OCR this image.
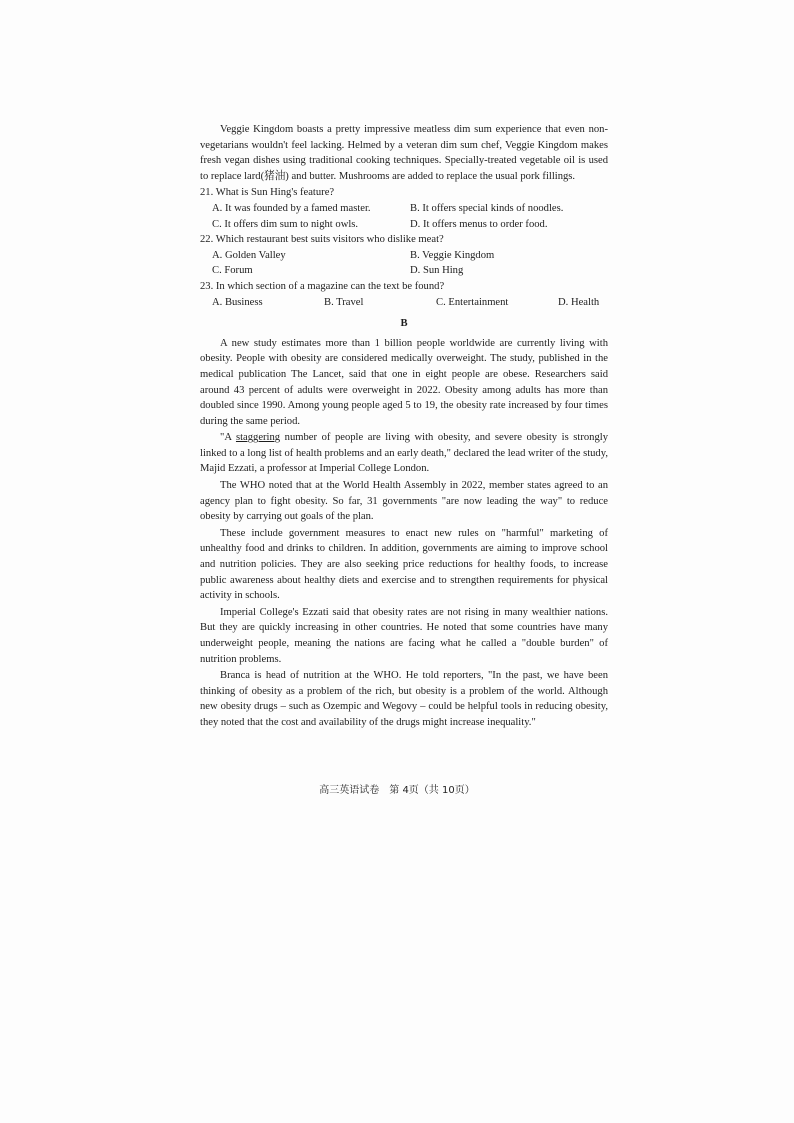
Veggie Kingdom boasts a pretty impressive meatless dim sum experience that even non-vegetarians wouldn't feel lacking. Helmed by a veteran dim sum chef, Veggie Kingdom makes fresh vegan dishes using traditional cooking techniques. Specially-treated vegetable oil is used to replace lard(猪油) and butter. Mushrooms are added to replace the usual pork fillings.

21. What is Sun Hing's feature?

A. It was founded by a famed master.	B. It offers special kinds of noodles.
C. It offers dim sum to night owls.	D. It offers menus to order food.

22. Which restaurant best suits visitors who dislike meat?

A. Golden Valley	B. Veggie Kingdom
C. Forum	D. Sun Hing

23. In which section of a magazine can the text be found?

A. Business	B. Travel	C. Entertainment	D. Health
B

A new study estimates more than 1 billion people worldwide are currently living with obesity. People with obesity are considered medically overweight. The study, published in the medical publication The Lancet, said that one in eight people are obese. Researchers said around 43 percent of adults were overweight in 2022. Obesity among adults has more than doubled since 1990. Among young people aged 5 to 19, the obesity rate increased by four times during the same period.

"A staggering number of people are living with obesity, and severe obesity is strongly linked to a long list of health problems and an early death," declared the lead writer of the study, Majid Ezzati, a professor at Imperial College London.

The WHO noted that at the World Health Assembly in 2022, member states agreed to an agency plan to fight obesity. So far, 31 governments "are now leading the way" to reduce obesity by carrying out goals of the plan.

These include government measures to enact new rules on "harmful" marketing of unhealthy food and drinks to children. In addition, governments are aiming to improve school and nutrition policies. They are also seeking price reductions for healthy foods, to increase public awareness about healthy diets and exercise and to strengthen requirements for physical activity in schools.

Imperial College's Ezzati said that obesity rates are not rising in many wealthier nations. But they are quickly increasing in other countries. He noted that some countries have many underweight people, meaning the nations are facing what he called a "double burden" of nutrition problems.

Branca is head of nutrition at the WHO. He told reporters, "In the past, we have been thinking of obesity as a problem of the rich, but obesity is a problem of the world. Although new obesity drugs – such as Ozempic and Wegovy – could be helpful tools in reducing obesity, they noted that the cost and availability of the drugs might increase inequality."

高三英语试卷　第 4页（共 10页）
